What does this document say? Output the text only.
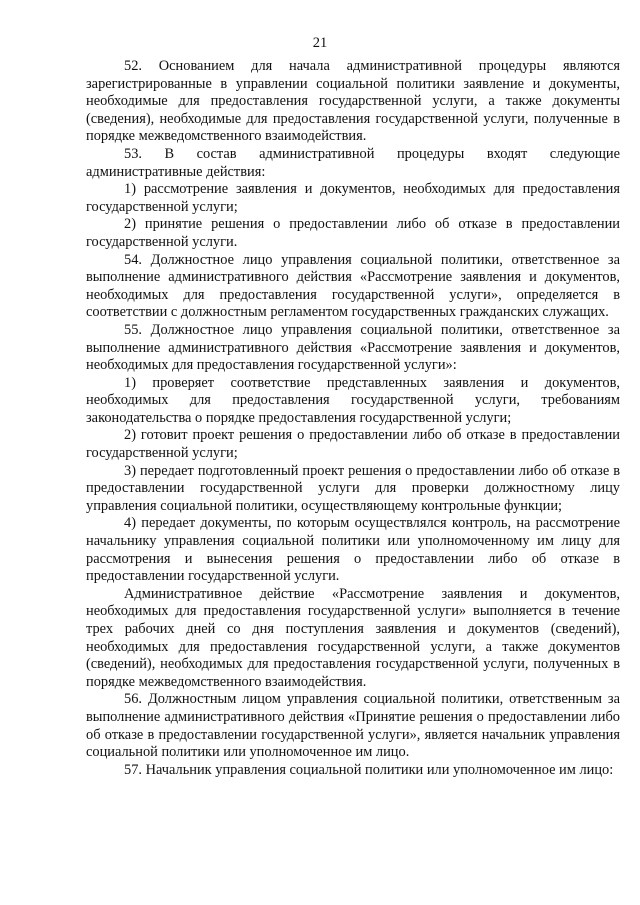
21

52. Основанием для начала административной процедуры являются зарегистрированные в управлении социальной политики заявление и документы, необходимые для предоставления государственной услуги, а также документы (сведения), необходимые для предоставления государственной услуги, полученные в порядке межведомственного взаимодействия.

53. В состав административной процедуры входят следующие административные действия:

1) рассмотрение заявления и документов, необходимых для предоставления государственной услуги;

2) принятие решения о предоставлении либо об отказе в предоставлении государственной услуги.

54. Должностное лицо управления социальной политики, ответственное за выполнение административного действия «Рассмотрение заявления и документов, необходимых для предоставления государственной услуги», определяется в соответствии с должностным регламентом государственных гражданских служащих.

55. Должностное лицо управления социальной политики, ответственное за выполнение административного действия «Рассмотрение заявления и документов, необходимых для предоставления государственной услуги»:

1) проверяет соответствие представленных заявления и документов, необходимых для предоставления государственной услуги, требованиям законодательства о порядке предоставления государственной услуги;

2) готовит проект решения о предоставлении либо об отказе в предоставлении государственной услуги;

3) передает подготовленный проект решения о предоставлении либо об отказе в предоставлении государственной услуги для проверки должностному лицу управления социальной политики, осуществляющему контрольные функции;

4) передает документы, по которым осуществлялся контроль, на рассмотрение начальнику управления социальной политики или уполномоченному им лицу для рассмотрения и вынесения решения о предоставлении либо об отказе в предоставлении государственной услуги.

Административное действие «Рассмотрение заявления и документов, необходимых для предоставления государственной услуги» выполняется в течение трех рабочих дней со дня поступления заявления и документов (сведений), необходимых для предоставления государственной услуги, а также документов (сведений), необходимых для предоставления государственной услуги, полученных в порядке межведомственного взаимодействия.

56. Должностным лицом управления социальной политики, ответственным за выполнение административного действия «Принятие решения о предоставлении либо об отказе в предоставлении государственной услуги», является начальник управления социальной политики или уполномоченное им лицо.

57. Начальник управления социальной политики или уполномоченное им лицо:
